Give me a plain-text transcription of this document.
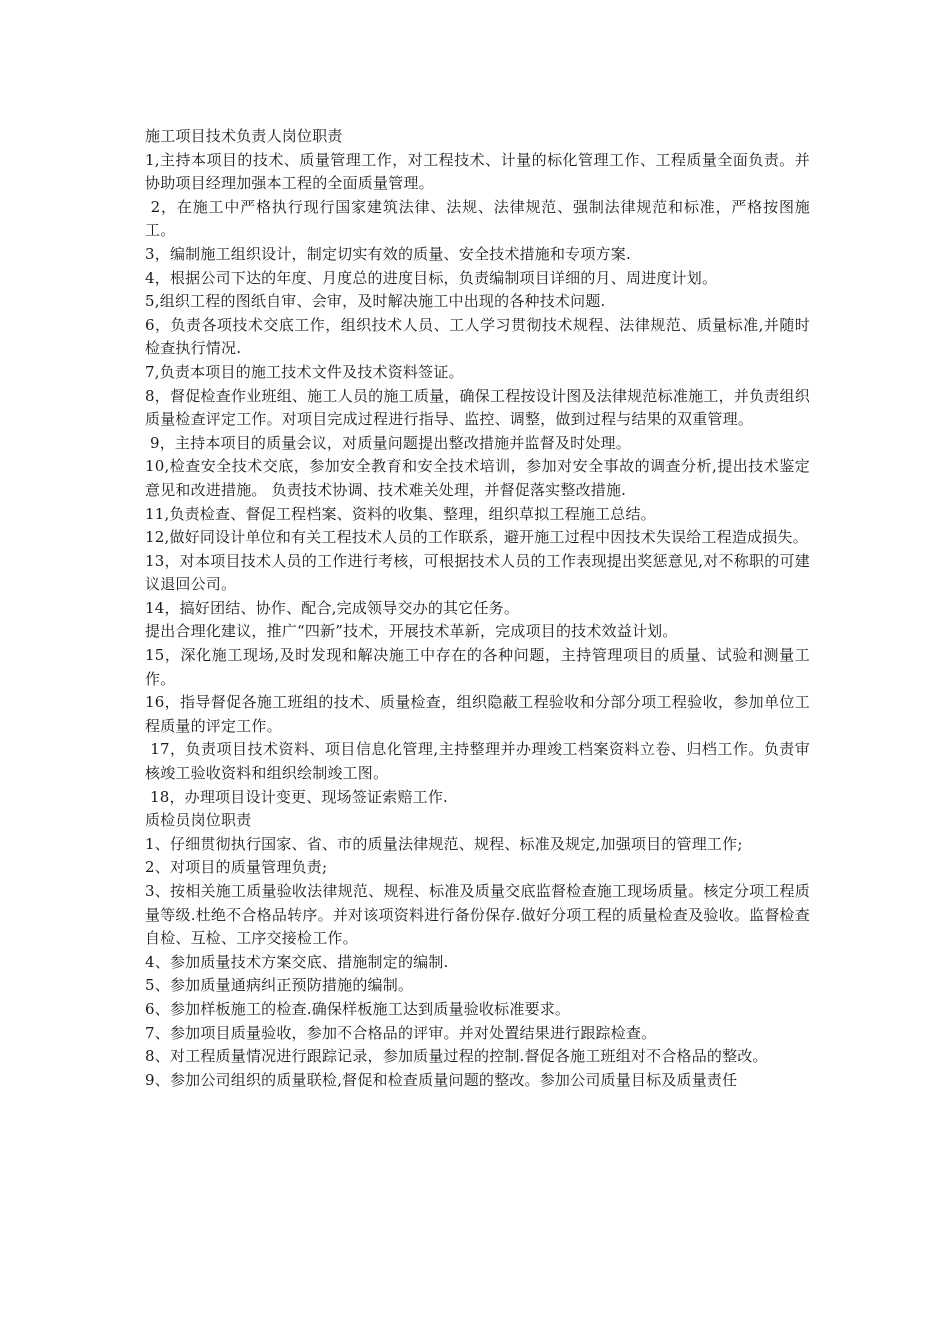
施工项目技术负责人岗位职责

1,主持本项目的技术、质量管理工作，对工程技术、计量的标化管理工作、工程质量全面负责。并协助项目经理加强本工程的全面质量管理。

2，在施工中严格执行现行国家建筑法律、法规、法律规范、强制法律规范和标准，严格按图施工。

3，编制施工组织设计，制定切实有效的质量、安全技术措施和专项方案.

4，根据公司下达的年度、月度总的进度目标，负责编制项目详细的月、周进度计划。

5,组织工程的图纸自审、会审，及时解决施工中出现的各种技术问题.

6，负责各项技术交底工作，组织技术人员、工人学习贯彻技术规程、法律规范、质量标准,并随时检查执行情况.

7,负责本项目的施工技术文件及技术资料签证。

8，督促检查作业班组、施工人员的施工质量，确保工程按设计图及法律规范标准施工，并负责组织质量检查评定工作。对项目完成过程进行指导、监控、调整，做到过程与结果的双重管理。

9，主持本项目的质量会议，对质量问题提出整改措施并监督及时处理。

10,检查安全技术交底，参加安全教育和安全技术培训，参加对安全事故的调查分析,提出技术鉴定意见和改进措施。 负责技术协调、技术难关处理，并督促落实整改措施.

11,负责检查、督促工程档案、资料的收集、整理，组织草拟工程施工总结。

12,做好同设计单位和有关工程技术人员的工作联系，避开施工过程中因技术失误给工程造成损失。

13，对本项目技术人员的工作进行考核，可根据技术人员的工作表现提出奖惩意见,对不称职的可建议退回公司。

14，搞好团结、协作、配合,完成领导交办的其它任务。

提出合理化建议，推广“四新”技术，开展技术革新，完成项目的技术效益计划。

15，深化施工现场,及时发现和解决施工中存在的各种问题，主持管理项目的质量、试验和测量工作。

16，指导督促各施工班组的技术、质量检查，组织隐蔽工程验收和分部分项工程验收，参加单位工程质量的评定工作。

17，负责项目技术资料、项目信息化管理,主持整理并办理竣工档案资料立卷、归档工作。负责审核竣工验收资料和组织绘制竣工图。

18，办理项目设计变更、现场签证索赔工作.

质检员岗位职责

1、仔细贯彻执行国家、省、市的质量法律规范、规程、标准及规定,加强项目的管理工作;

2、对项目的质量管理负责;

3、按相关施工质量验收法律规范、规程、标准及质量交底监督检查施工现场质量。核定分项工程质量等级.杜绝不合格品转序。并对该项资料进行备份保存.做好分项工程的质量检查及验收。监督检查自检、互检、工序交接检工作。

4、参加质量技术方案交底、措施制定的编制.

5、参加质量通病纠正预防措施的编制。

6、参加样板施工的检查.确保样板施工达到质量验收标准要求。

7、参加项目质量验收，参加不合格品的评审。并对处置结果进行跟踪检查。

8、对工程质量情况进行跟踪记录，参加质量过程的控制.督促各施工班组对不合格品的整改。

9、参加公司组织的质量联检,督促和检查质量问题的整改。参加公司质量目标及质量责任
